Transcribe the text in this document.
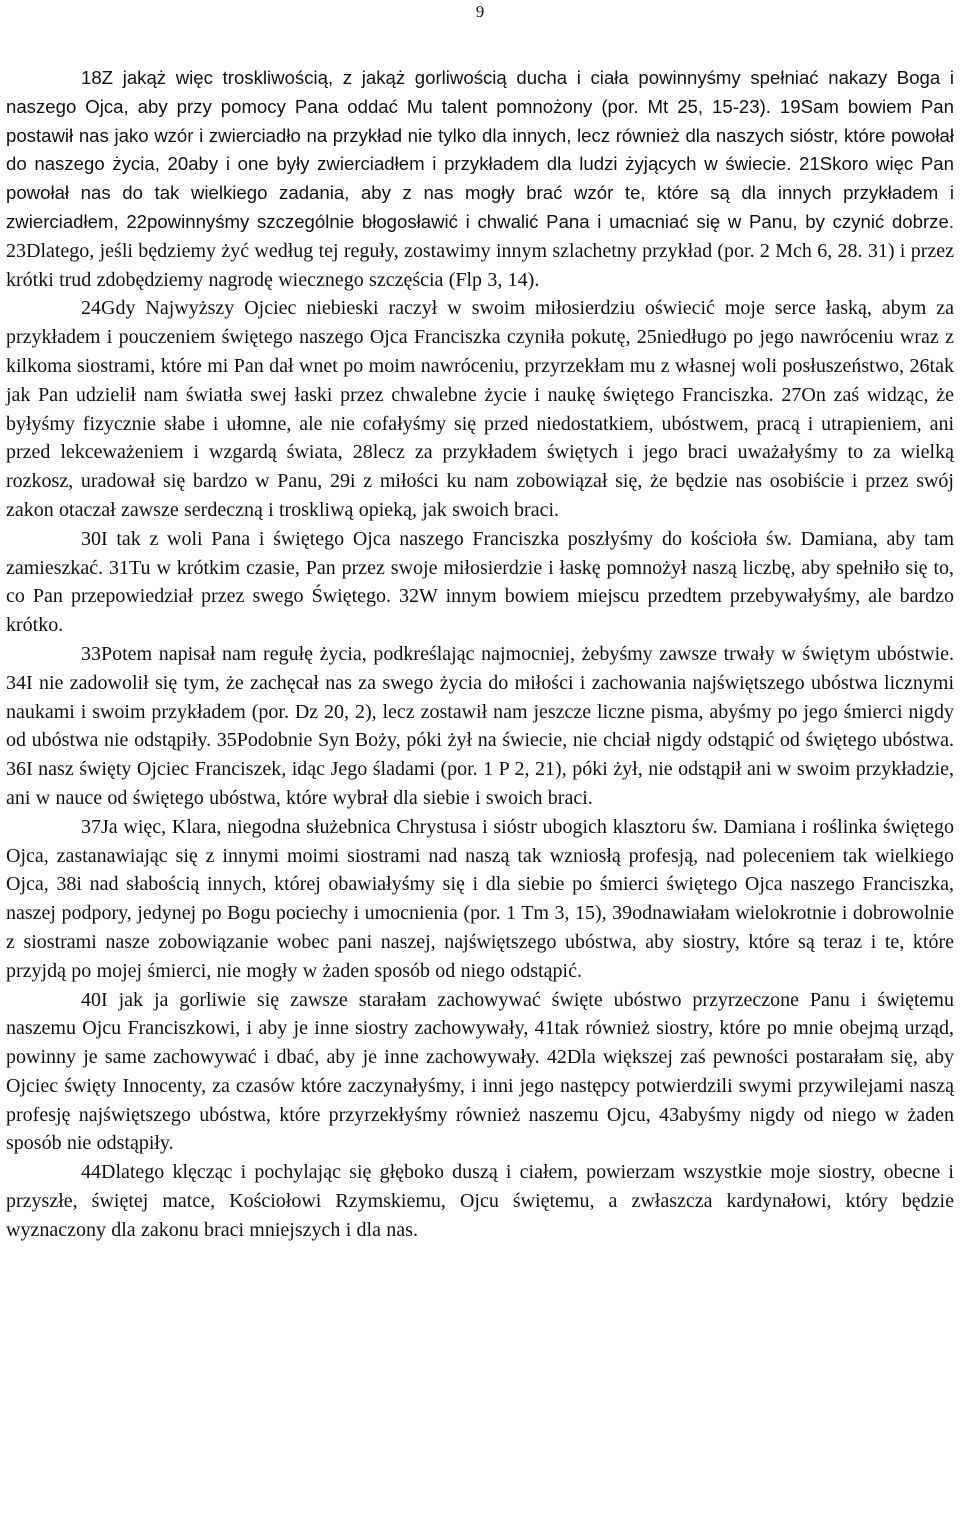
9

18Z jakąż więc troskliwością, z jakąż gorliwością ducha i ciała powinnyśmy spełniać nakazy Boga i naszego Ojca, aby przy pomocy Pana oddać Mu talent pomnożony (por. Mt 25, 15-23). 19Sam bowiem Pan postawił nas jako wzór i zwierciadło na przykład nie tylko dla innych, lecz również dla naszych sióstr, które powołał do naszego życia, 20aby i one były zwierciadłem i przykładem dla ludzi żyjących w świecie. 21Skoro więc Pan powołał nas do tak wielkiego zadania, aby z nas mogły brać wzór te, które są dla innych przykładem i zwierciadłem, 22powinnyśmy szczególnie błogosławić i chwalić Pana i umacniać się w Panu, by czynić dobrze. 23Dlatego, jeśli będziemy żyć według tej reguły, zostawimy innym szlachetny przykład (por. 2 Mch 6, 28. 31) i przez krótki trud zdobędziemy nagrodę wiecznego szczęścia (Flp 3, 14).

24Gdy Najwyższy Ojciec niebieski raczył w swoim miłosierdziu oświecić moje serce łaską, abym za przykładem i pouczeniem świętego naszego Ojca Franciszka czyniła pokutę, 25niedługo po jego nawróceniu wraz z kilkoma siostrami, które mi Pan dał wnet po moim nawróceniu, przyrzekłam mu z własnej woli posłuszeństwo, 26tak jak Pan udzielił nam światła swej łaski przez chwalebne życie i naukę świętego Franciszka. 27On zaś widząc, że byłyśmy fizycznie słabe i ułomne, ale nie cofałyśmy się przed niedostatkiem, ubóstwem, pracą i utrapieniem, ani przed lekceważeniem i wzgardą świata, 28lecz za przykładem świętych i jego braci uważałyśmy to za wielką rozkosz, uradował się bardzo w Panu, 29i z miłości ku nam zobowiązał się, że będzie nas osobiście i przez swój zakon otaczał zawsze serdeczną i troskliwą opieką, jak swoich braci.

30I tak z woli Pana i świętego Ojca naszego Franciszka poszłyśmy do kościoła św. Damiana, aby tam zamieszkać. 31Tu w krótkim czasie, Pan przez swoje miłosierdzie i łaskę pomnożył naszą liczbę, aby spełniło się to, co Pan przepowiedział przez swego Świętego. 32W innym bowiem miejscu przedtem przebywałyśmy, ale bardzo krótko.

33Potem napisał nam regułę życia, podkreślając najmocniej, żebyśmy zawsze trwały w świętym ubóstwie. 34I nie zadowolił się tym, że zachęcał nas za swego życia do miłości i zachowania najświętszego ubóstwa licznymi naukami i swoim przykładem (por. Dz 20, 2), lecz zostawił nam jeszcze liczne pisma, abyśmy po jego śmierci nigdy od ubóstwa nie odstąpiły. 35Podobnie Syn Boży, póki żył na świecie, nie chciał nigdy odstąpić od świętego ubóstwa. 36I nasz święty Ojciec Franciszek, idąc Jego śladami (por. 1 P 2, 21), póki żył, nie odstąpił ani w swoim przykładzie, ani w nauce od świętego ubóstwa, które wybrał dla siebie i swoich braci.

37Ja więc, Klara, niegodna służebnica Chrystusa i sióstr ubogich klasztoru św. Damiana i roślinka świętego Ojca, zastanawiając się z innymi moimi siostrami nad naszą tak wzniosłą profesją, nad poleceniem tak wielkiego Ojca, 38i nad słabością innych, której obawiałyśmy się i dla siebie po śmierci świętego Ojca naszego Franciszka, naszej podpory, jedynej po Bogu pociechy i umocnienia (por. 1 Tm 3, 15), 39odnawiałam wielokrotnie i dobrowolnie z siostrami nasze zobowiązanie wobec pani naszej, najświętszego ubóstwa, aby siostry, które są teraz i te, które przyjdą po mojej śmierci, nie mogły w żaden sposób od niego odstąpić.

40I jak ja gorliwie się zawsze starałam zachowywać święte ubóstwo przyrzeczone Panu i świętemu naszemu Ojcu Franciszkowi, i aby je inne siostry zachowywały, 41tak również siostry, które po mnie obejmą urząd, powinny je same zachowywać i dbać, aby je inne zachowywały. 42Dla większej zaś pewności postarałam się, aby Ojciec święty Innocenty, za czasów które zaczynałyśmy, i inni jego następcy potwierdzili swymi przywilejami naszą profesję najświętszego ubóstwa, które przyrzekłyśmy również naszemu Ojcu, 43abyśmy nigdy od niego w żaden sposób nie odstąpiły.

44Dlatego klęcząc i pochylając się głęboko duszą i ciałem, powierzam wszystkie moje siostry, obecne i przyszłe, świętej matce, Kościołowi Rzymskiemu, Ojcu świętemu, a zwłaszcza kardynałowi, który będzie wyznaczony dla zakonu braci mniejszych i dla nas.
